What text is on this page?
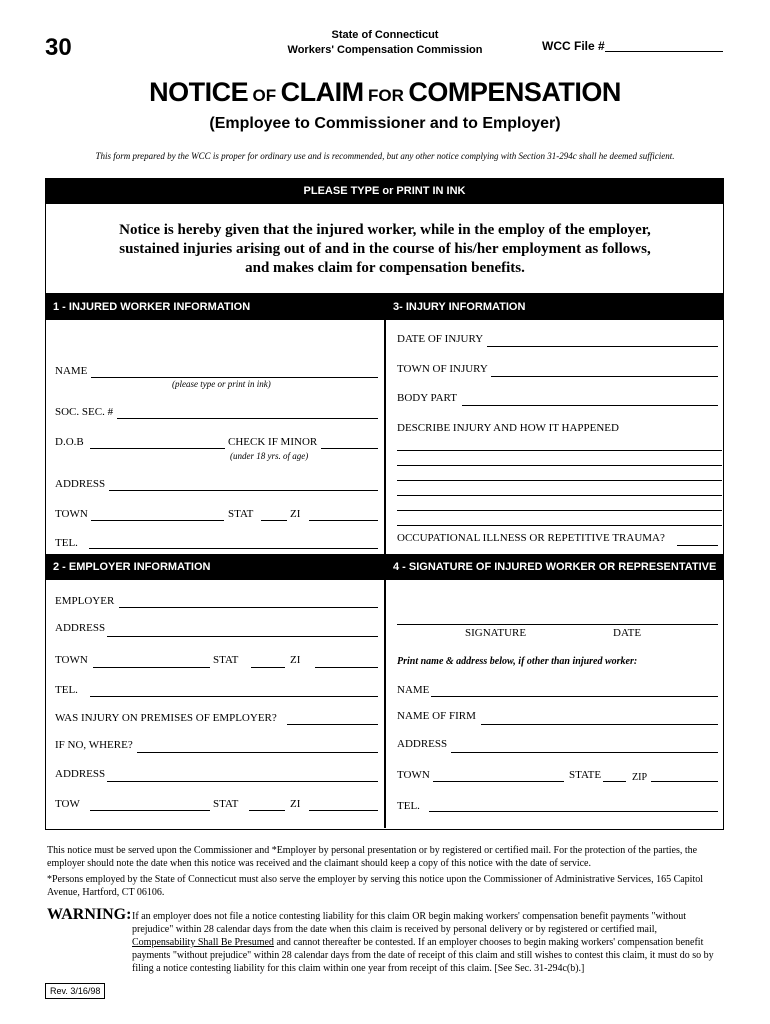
30	State of Connecticut
Workers' Compensation Commission	WCC File #
NOTICE OF CLAIM FOR COMPENSATION
(Employee to Commissioner and to Employer)
This form prepared by the WCC is proper for ordinary use and is recommended, but any other notice complying with Section 31-294c shall he deemed sufficient.
PLEASE TYPE or PRINT IN INK
Notice is hereby given that the injured worker, while in the employ of the employer,
sustained injuries arising out of and in the course of his/her employment as follows,
and makes claim for compensation benefits.
1 - INJURED WORKER INFORMATION	3- INJURY INFORMATION
2 - EMPLOYER INFORMATION	4 - SIGNATURE OF INJURED WORKER OR REPRESENTATIVE
NAME
(please type or print in ink)
SOC. SEC. #
D.O.B	CHECK IF MINOR
(under 18 yrs. of age)
ADDRESS
TOWN	STAT	ZI
TEL.
DATE OF INJURY
TOWN OF INJURY
BODY PART
DESCRIBE INJURY AND HOW IT HAPPENED
OCCUPATIONAL ILLNESS OR REPETITIVE TRAUMA?
EMPLOYER
ADDRESS
TOWN	STAT	ZI
TEL.
WAS INJURY ON PREMISES OF EMPLOYER?
IF NO, WHERE?
ADDRESS
TOW	STAT	ZI
SIGNATURE	DATE
Print name & address below, if other than injured worker:
NAME
NAME OF FIRM
ADDRESS
TOWN	STATE	ZIP
TEL.
This notice must be served upon the Commissioner and *Employer by personal presentation or by registered or certified mail. For the protection of the parties, the employer should note the date when this notice was received and the claimant should keep a copy of this notice with the date of service.
*Persons employed by the State of Connecticut must also serve the employer by serving this notice upon the Commissioner of Administrative Services, 165 Capitol Avenue, Hartford, CT 06106.
WARNING: If an employer does not file a notice contesting liability for this claim OR begin making workers' compensation benefit payments "without prejudice" within 28 calendar days from the date when this claim is received by personal delivery or by registered or certified mail, Compensability Shall Be Presumed and cannot thereafter be contested. If an employer chooses to begin making workers' compensation benefit payments "without prejudice" within 28 calendar days from the date of receipt of this claim and still wishes to contest this claim, it must do so by filing a notice contesting liability for this claim within one year from receipt of this claim. [See Sec. 31-294c(b).]
Rev. 3/16/98
